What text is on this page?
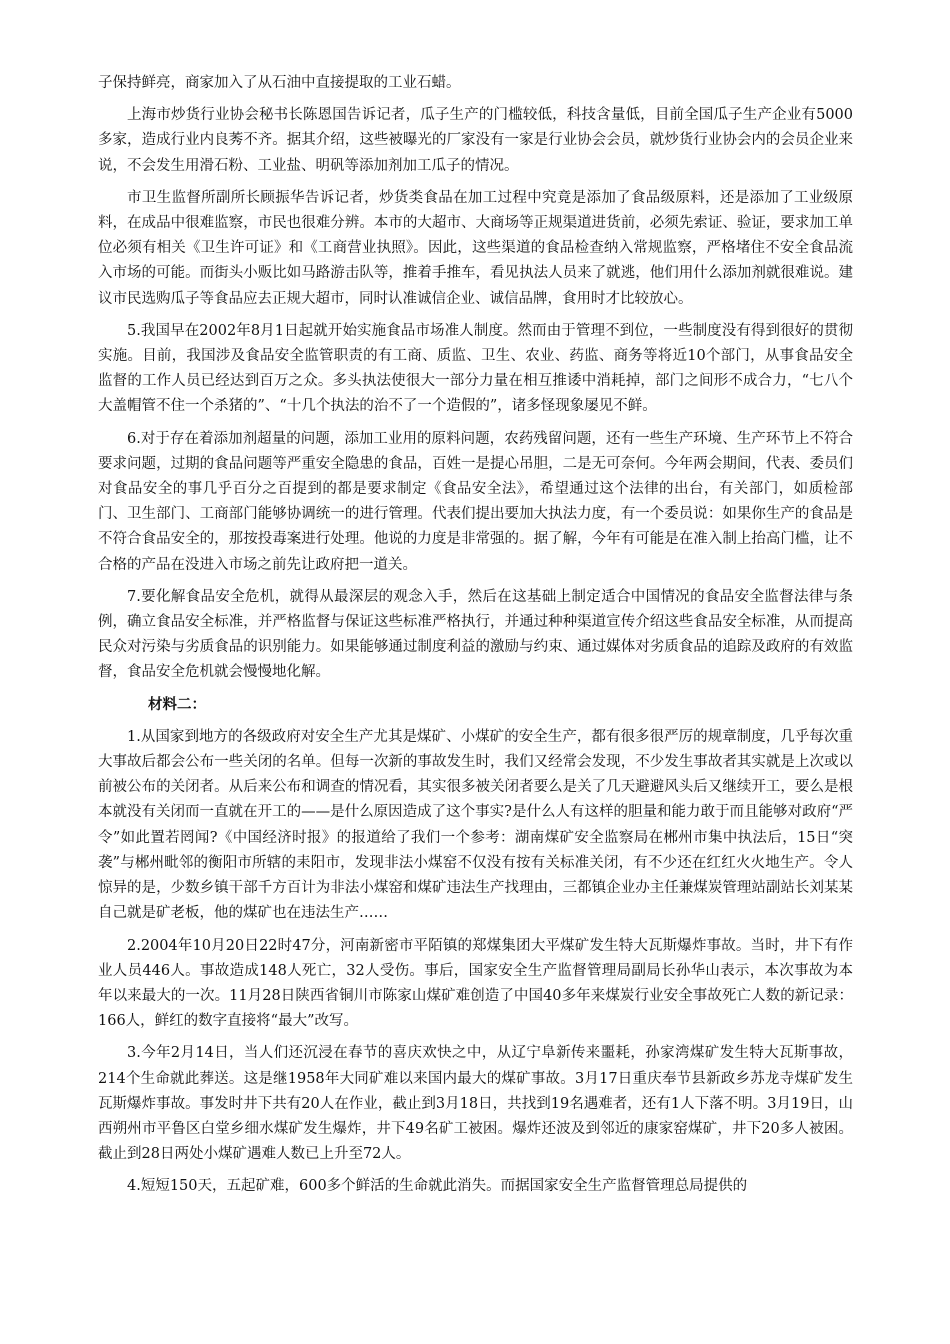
子保持鲜亮，商家加入了从石油中直接提取的工业石蜡。

上海市炒货行业协会秘书长陈恩国告诉记者，瓜子生产的门槛较低，科技含量低，目前全国瓜子生产企业有5000多家，造成行业内良莠不齐。据其介绍，这些被曝光的厂家没有一家是行业协会会员，就炒货行业协会内的会员企业来说，不会发生用滑石粉、工业盐、明矾等添加剂加工瓜子的情况。

市卫生监督所副所长顾振华告诉记者，炒货类食品在加工过程中究竟是添加了食品级原料，还是添加了工业级原料，在成品中很难监察，市民也很难分辨。本市的大超市、大商场等正规渠道进货前，必须先索证、验证，要求加工单位必须有相关《卫生许可证》和《工商营业执照》。因此，这些渠道的食品检查纳入常规监察，严格堵住不安全食品流入市场的可能。而街头小贩比如马路游击队等，推着手推车，看见执法人员来了就逃，他们用什么添加剂就很难说。建议市民选购瓜子等食品应去正规大超市，同时认准诚信企业、诚信品牌，食用时才比较放心。

5.我国早在2002年8月1日起就开始实施食品市场准人制度。然而由于管理不到位，一些制度没有得到很好的贯彻实施。目前，我国涉及食品安全监管职责的有工商、质监、卫生、农业、药监、商务等将近10个部门，从事食品安全监督的工作人员已经达到百万之众。多头执法使很大一部分力量在相互推诿中消耗掉，部门之间形不成合力，“七八个大盖帽管不住一个杀猪的”、“十几个执法的治不了一个造假的”，诸多怪现象屡见不鲜。

6.对于存在着添加剂超量的问题，添加工业用的原料问题，农药残留问题，还有一些生产环境、生产环节上不符合要求问题，过期的食品问题等严重安全隐患的食品，百姓一是提心吊胆，二是无可奈何。今年两会期间，代表、委员们对食品安全的事几乎百分之百提到的都是要求制定《食品安全法》，希望通过这个法律的出台，有关部门，如质检部门、卫生部门、工商部门能够协调统一的进行管理。代表们提出要加大执法力度，有一个委员说：如果你生产的食品是不符合食品安全的，那按投毒案进行处理。他说的力度是非常强的。据了解，今年有可能是在准入制上抬高门槛，让不合格的产品在没进入市场之前先让政府把一道关。

7.要化解食品安全危机，就得从最深层的观念入手，然后在这基础上制定适合中国情况的食品安全监督法律与条例，确立食品安全标准，并严格监督与保证这些标准严格执行，并通过种种渠道宣传介绍这些食品安全标准，从而提高民众对污染与劣质食品的识别能力。如果能够通过制度利益的激励与约束、通过媒体对劣质食品的追踪及政府的有效监督，食品安全危机就会慢慢地化解。

材料二：

1.从国家到地方的各级政府对安全生产尤其是煤矿、小煤矿的安全生产，都有很多很严厉的规章制度，几乎每次重大事故后都会公布一些关闭的名单。但每一次新的事故发生时，我们又经常会发现，不少发生事故者其实就是上次或以前被公布的关闭者。从后来公布和调查的情况看，其实很多被关闭者要么是关了几天避避风头后又继续开工，要么是根本就没有关闭而一直就在开工的——是什么原因造成了这个事实?是什么人有这样的胆量和能力敢于而且能够对政府“严令”如此置若罔闻?《中国经济时报》的报道给了我们一个参考：湖南煤矿安全监察局在郴州市集中执法后，15日“突袭”与郴州毗邻的衡阳市所辖的耒阳市，发现非法小煤窑不仅没有按有关标准关闭，有不少还在红红火火地生产。令人惊异的是，少数乡镇干部千方百计为非法小煤窑和煤矿违法生产找理由，三都镇企业办主任兼煤炭管理站副站长刘某某自己就是矿老板，他的煤矿也在违法生产……

2.2004年10月20日22时47分，河南新密市平陌镇的郑煤集团大平煤矿发生特大瓦斯爆炸事故。当时，井下有作业人员446人。事故造成148人死亡，32人受伤。事后，国家安全生产监督管理局副局长孙华山表示，本次事故为本年以来最大的一次。11月28日陕西省铜川市陈家山煤矿难创造了中国40多年来煤炭行业安全事故死亡人数的新记录：166人，鲜红的数字直接将“最大”改写。

3.今年2月14日，当人们还沉浸在春节的喜庆欢快之中，从辽宁阜新传来噩耗，孙家湾煤矿发生特大瓦斯事故，214个生命就此葬送。这是继1958年大同矿难以来国内最大的煤矿事故。3月17日重庆奉节县新政乡苏龙寺煤矿发生瓦斯爆炸事故。事发时井下共有20人在作业，截止到3月18日，共找到19名遇难者，还有1人下落不明。3月19日，山西朔州市平鲁区白堂乡细水煤矿发生爆炸，井下49名矿工被困。爆炸还波及到邻近的康家窑煤矿，井下20多人被困。截止到28日两处小煤矿遇难人数已上升至72人。

4.短短150天，五起矿难，600多个鲜活的生命就此消失。而据国家安全生产监督管理总局提供的
